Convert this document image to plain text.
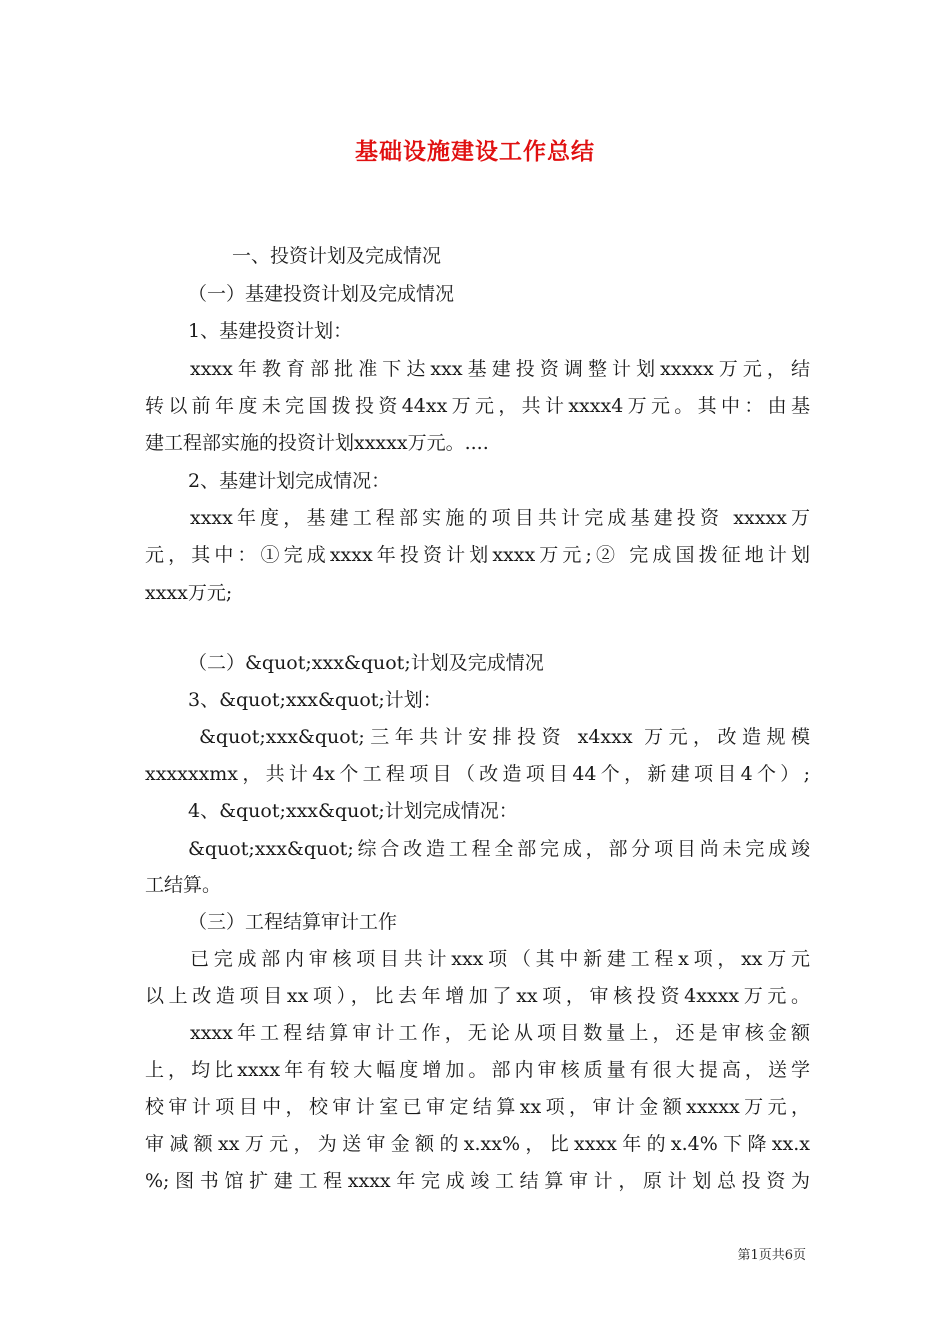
基础设施建设工作总结
一、投资计划及完成情况
（一）基建投资计划及完成情况
1、基建投资计划：
xxxx年教育部批准下达xxx基建投资调整计划xxxxx万元，结
转以前年度未完国拨投资44xx万元，共计xxxx4万元。其中：由基
建工程部实施的投资计划xxxxx万元。....
2、基建计划完成情况：
xxxx年度，基建工程部实施的项目共计完成基建投资 xxxxx万
元，其中：①完成xxxx年投资计划xxxx万元;② 完成国拨征地计划
xxxx万元;
（二）&quot;xxx&quot;计划及完成情况
3、&quot;xxx&quot;计划：
&quot;xxx&quot;三年共计安排投资 x4xxx 万元，改造规模
xxxxxxmx，共计4x个工程项目（改造项目44个，新建项目4个）;
4、&quot;xxx&quot;计划完成情况：
&quot;xxx&quot;综合改造工程全部完成，部分项目尚未完成竣
工结算。
（三）工程结算审计工作
已完成部内审核项目共计xxx项（其中新建工程x项，xx万元
以上改造项目xx项），比去年增加了xx项，审核投资4xxxx万元。
xxxx年工程结算审计工作，无论从项目数量上，还是审核金额
上，均比xxxx年有较大幅度增加。部内审核质量有很大提高，送学
校审计项目中，校审计室已审定结算xx项，审计金额xxxxx万元，
审减额xx万元，为送审金额的x.xx%，比xxxx年的x.4%下降xx.x
%;图书馆扩建工程xxxx年完成竣工结算审计，原计划总投资为
第1页共6页
